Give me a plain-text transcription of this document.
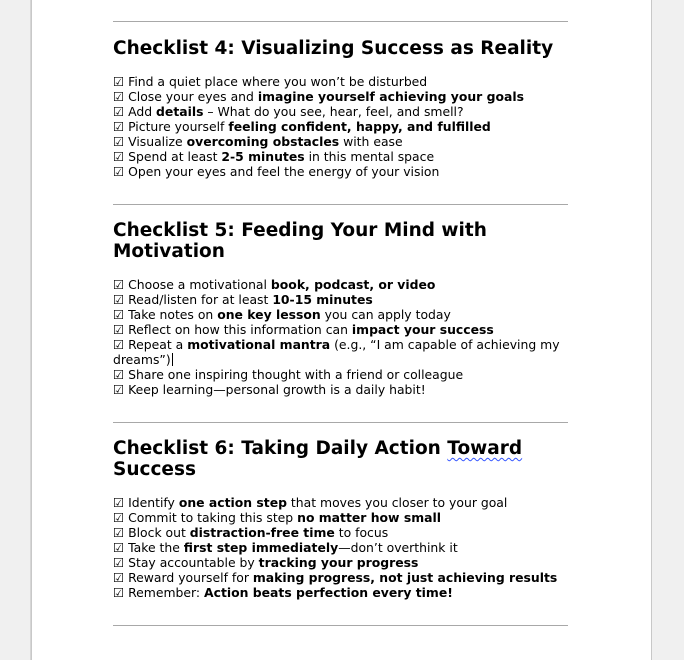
Checklist 4: Visualizing Success as Reality
☑ Find a quiet place where you won’t be disturbed
☑ Close your eyes and imagine yourself achieving your goals
☑ Add details – What do you see, hear, feel, and smell?
☑ Picture yourself feeling confident, happy, and fulfilled
☑ Visualize overcoming obstacles with ease
☑ Spend at least 2-5 minutes in this mental space
☑ Open your eyes and feel the energy of your vision
Checklist 5: Feeding Your Mind with Motivation
☑ Choose a motivational book, podcast, or video
☑ Read/listen for at least 10-15 minutes
☑ Take notes on one key lesson you can apply today
☑ Reflect on how this information can impact your success
☑ Repeat a motivational mantra (e.g., “I am capable of achieving my dreams”)
☑ Share one inspiring thought with a friend or colleague
☑ Keep learning—personal growth is a daily habit!
Checklist 6: Taking Daily Action Toward Success
☑ Identify one action step that moves you closer to your goal
☑ Commit to taking this step no matter how small
☑ Block out distraction-free time to focus
☑ Take the first step immediately—don’t overthink it
☑ Stay accountable by tracking your progress
☑ Reward yourself for making progress, not just achieving results
☑ Remember: Action beats perfection every time!
